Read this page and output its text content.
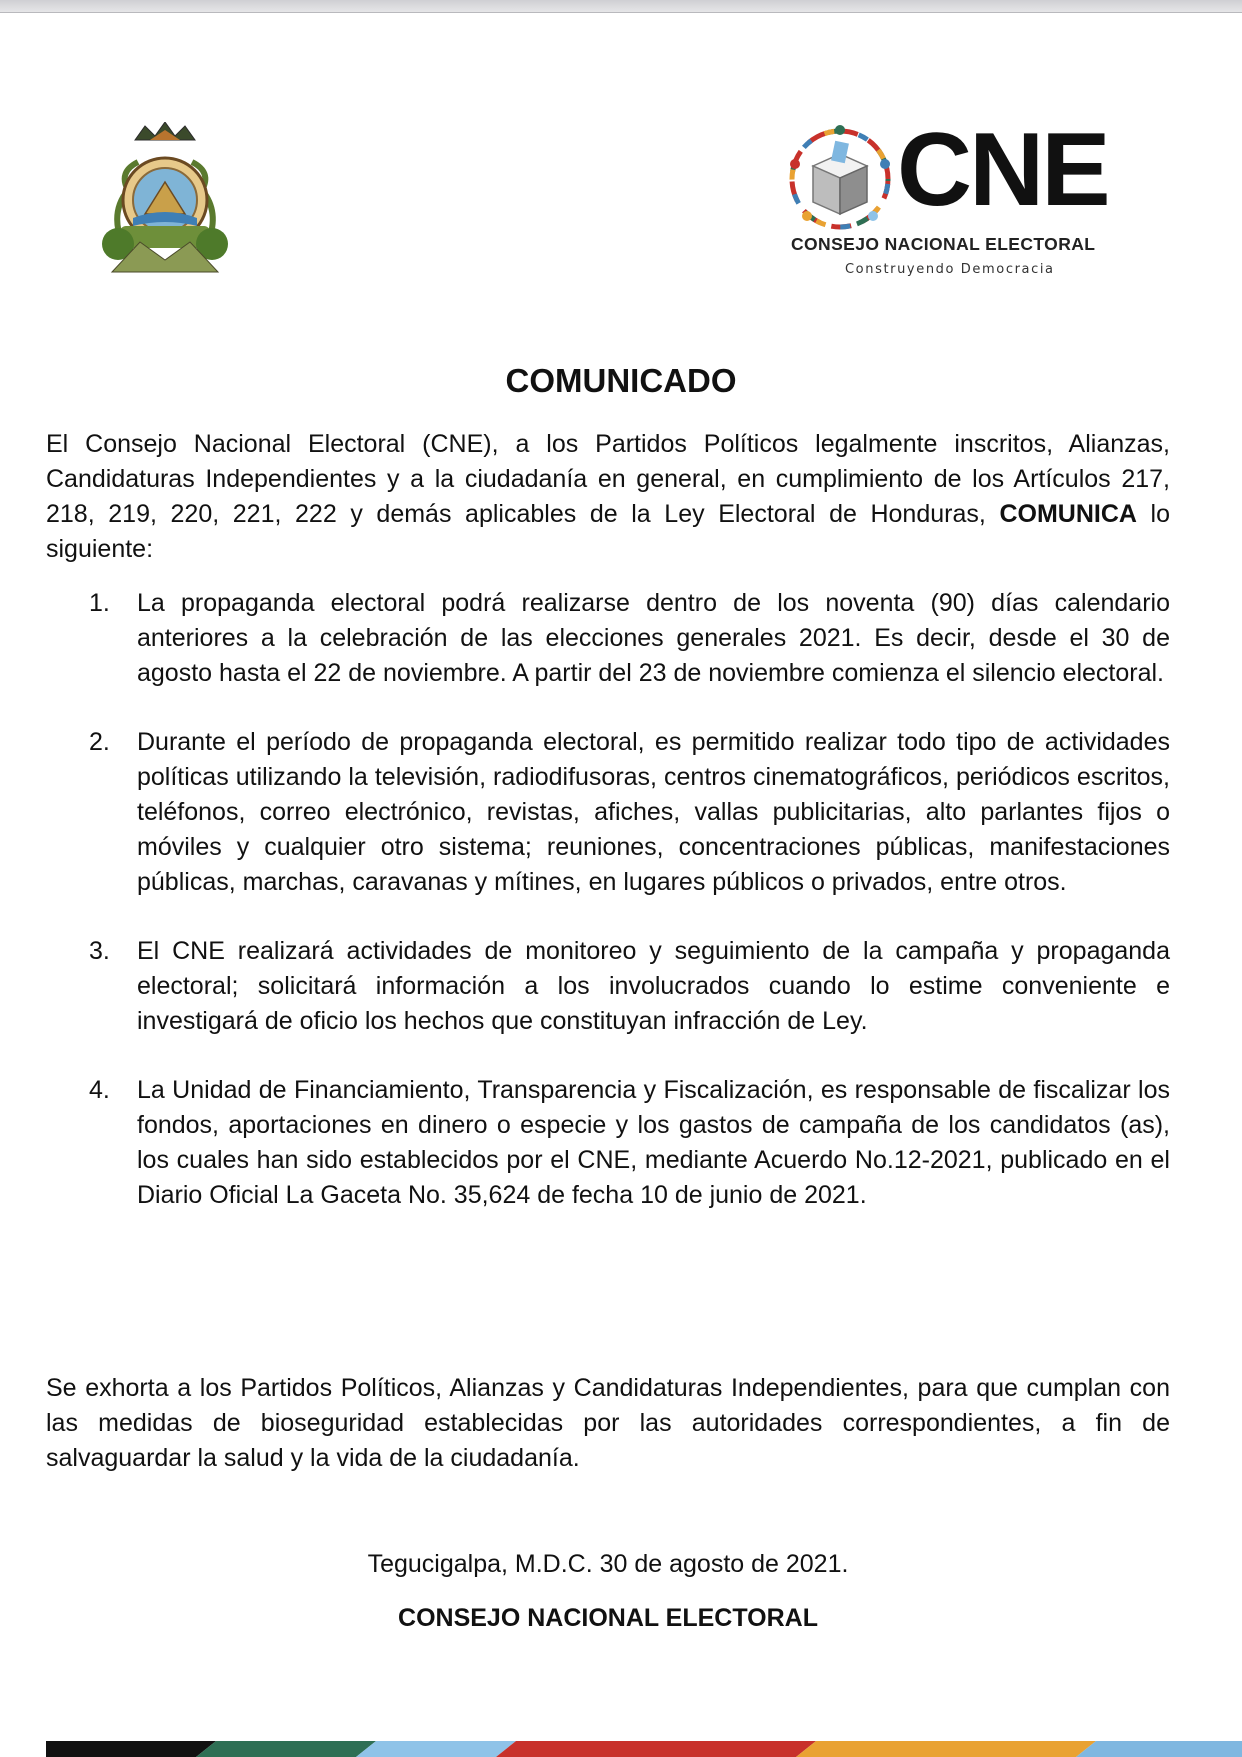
CNE
CONSEJO NACIONAL ELECTORAL
Construyendo Democracia
COMUNICADO

El Consejo Nacional Electoral (CNE), a los Partidos Políticos legalmente inscritos, Alianzas, Candidaturas Independientes y a la ciudadanía en general, en cumplimiento de los Artículos 217, 218, 219, 220, 221, 222 y demás aplicables de la Ley Electoral de Honduras, COMUNICA lo siguiente:

1.	La propaganda electoral podrá realizarse dentro de los noventa (90) días calendario anteriores a la celebración de las elecciones generales 2021. Es decir, desde el 30 de agosto hasta el 22 de noviembre. A partir del 23 de noviembre comienza el silencio electoral.
2.	Durante el período de propaganda electoral, es permitido realizar todo tipo de actividades políticas utilizando la televisión, radiodifusoras, centros cinematográficos, periódicos escritos, teléfonos, correo electrónico, revistas, afiches, vallas publicitarias, alto parlantes fijos o móviles y cualquier otro sistema; reuniones, concentraciones públicas, manifestaciones públicas, marchas, caravanas y mítines, en lugares públicos o privados, entre otros.
3.	El CNE realizará actividades de monitoreo y seguimiento de la campaña y propaganda electoral; solicitará información a los involucrados cuando lo estime conveniente e investigará de oficio los hechos que constituyan infracción de Ley.
4.	La Unidad de Financiamiento, Transparencia y Fiscalización, es responsable de fiscalizar los fondos, aportaciones en dinero o especie y los gastos de campaña de los candidatos (as), los cuales han sido establecidos por el CNE, mediante Acuerdo No.12-2021, publicado en el Diario Oficial La Gaceta No. 35,624 de fecha 10 de junio de 2021.

Se exhorta a los Partidos Políticos, Alianzas y Candidaturas Independientes, para que cumplan con las medidas de bioseguridad establecidas por las autoridades correspondientes, a fin de salvaguardar la salud y la vida de la ciudadanía.

Tegucigalpa, M.D.C. 30 de agosto de 2021.

CONSEJO NACIONAL ELECTORAL
